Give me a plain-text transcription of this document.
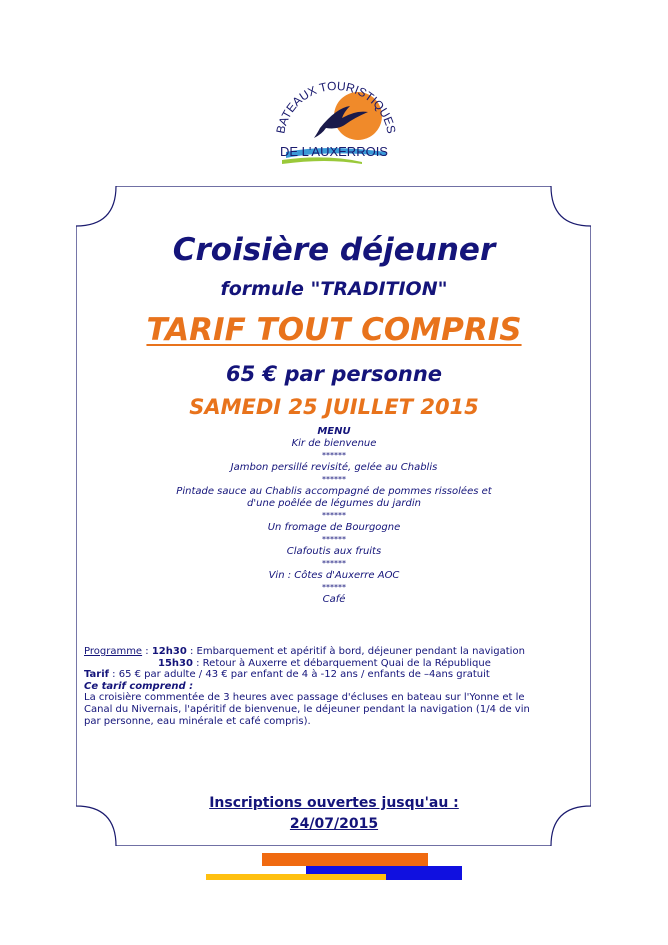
BATEAUX TOURISTIQUES
DE L'AUXERROIS
Croisière déjeuner
formule "TRADITION"
TARIF TOUT COMPRIS
65 € par personne
SAMEDI 25 JUILLET 2015
MENU
Kir de bienvenue
******
Jambon persillé revisité, gelée au Chablis
******
Pintade sauce au Chablis accompagné de pommes rissolées et
d'une poêlée de légumes du jardin
******
Un fromage de Bourgogne
******
Clafoutis aux fruits
******
Vin : Côtes d'Auxerre AOC
******
Café
Programme : 12h30 : Embarquement et apéritif à bord, déjeuner pendant la navigation
15h30 : Retour à Auxerre et débarquement Quai de la République
Tarif : 65 € par adulte / 43 € par enfant de 4 à -12 ans / enfants de –4ans gratuit
Ce tarif comprend :
La croisière commentée de 3 heures avec passage d'écluses en bateau sur l'Yonne et le
Canal du Nivernais, l'apéritif de bienvenue, le déjeuner pendant la navigation (1/4 de vin
par personne, eau minérale et café compris).
Inscriptions ouvertes jusqu'au :
24/07/2015
